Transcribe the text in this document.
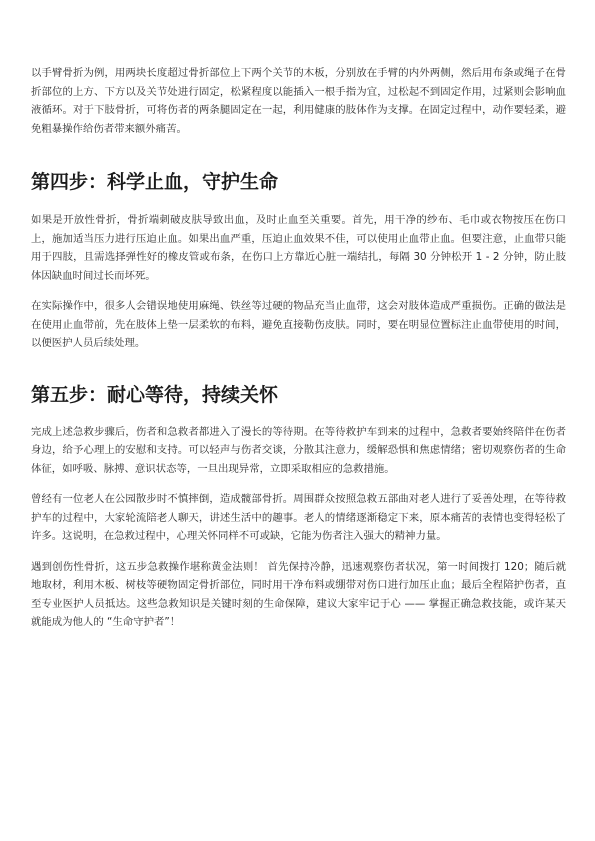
以手臂骨折为例，用两块长度超过骨折部位上下两个关节的木板，分别放在手臂的内外两侧，然后用布条或绳子在骨折部位的上方、下方以及关节处进行固定，松紧程度以能插入一根手指为宜，过松起不到固定作用，过紧则会影响血液循环。对于下肢骨折，可将伤者的两条腿固定在一起，利用健康的肢体作为支撑。在固定过程中，动作要轻柔，避免粗暴操作给伤者带来额外痛苦。

第四步：科学止血，守护生命

如果是开放性骨折，骨折端刺破皮肤导致出血，及时止血至关重要。首先，用干净的纱布、毛巾或衣物按压在伤口上，施加适当压力进行压迫止血。如果出血严重，压迫止血效果不佳，可以使用止血带止血。但要注意，止血带只能用于四肢，且需选择弹性好的橡皮管或布条，在伤口上方靠近心脏一端结扎，每隔 30 分钟松开 1 - 2 分钟，防止肢体因缺血时间过长而坏死。

在实际操作中，很多人会错误地使用麻绳、铁丝等过硬的物品充当止血带，这会对肢体造成严重损伤。正确的做法是在使用止血带前，先在肢体上垫一层柔软的布料，避免直接勒伤皮肤。同时，要在明显位置标注止血带使用的时间，以便医护人员后续处理。

第五步：耐心等待，持续关怀

完成上述急救步骤后，伤者和急救者都进入了漫长的等待期。在等待救护车到来的过程中，急救者要始终陪伴在伤者身边，给予心理上的安慰和支持。可以轻声与伤者交谈，分散其注意力，缓解恐惧和焦虑情绪；密切观察伤者的生命体征，如呼吸、脉搏、意识状态等，一旦出现异常，立即采取相应的急救措施。

曾经有一位老人在公园散步时不慎摔倒，造成髋部骨折。周围群众按照急救五部曲对老人进行了妥善处理，在等待救护车的过程中，大家轮流陪老人聊天，讲述生活中的趣事。老人的情绪逐渐稳定下来，原本痛苦的表情也变得轻松了许多。这说明，在急救过程中，心理关怀同样不可或缺，它能为伤者注入强大的精神力量。

遇到创伤性骨折，这五步急救操作堪称黄金法则！ 首先保持冷静，迅速观察伤者状况，第一时间拨打 120；随后就地取材，利用木板、树枝等硬物固定骨折部位，同时用干净布料或绷带对伤口进行加压止血；最后全程陪护伤者，直至专业医护人员抵达。这些急救知识是关键时刻的生命保障，建议大家牢记于心 —— 掌握正确急救技能，或许某天就能成为他人的 “生命守护者”！
